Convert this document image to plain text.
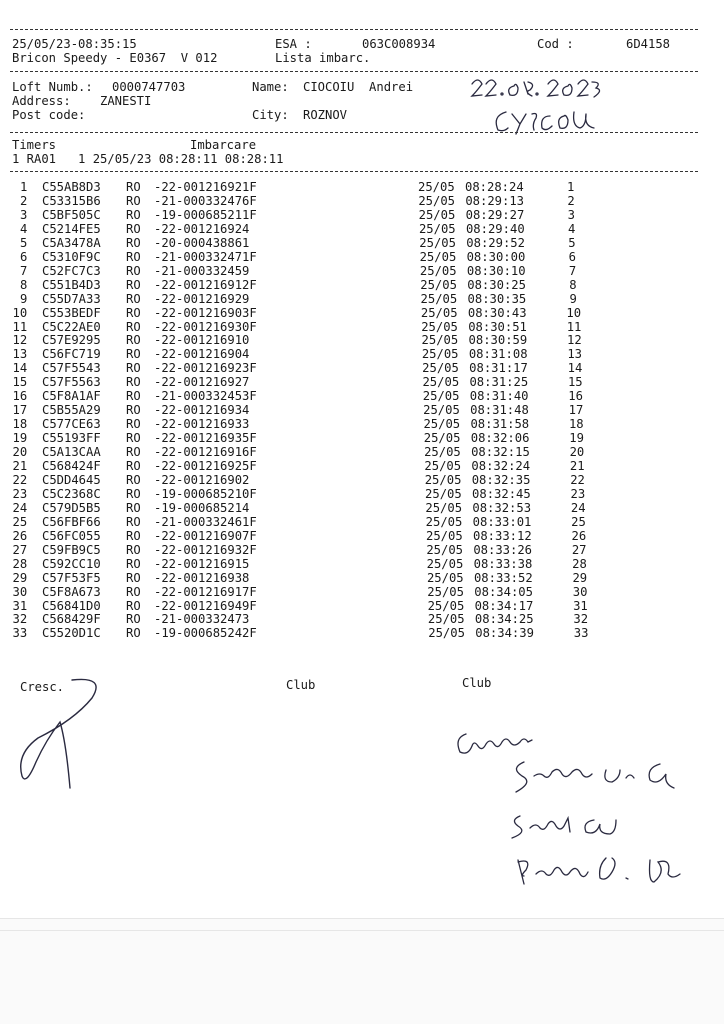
25/05/23-08:35:15	ESA :	063C008934	Cod :	6D4158
Bricon Speedy - E0367  V 012	Lista imbarc.
Loft Numb.: 0000747703	Name: CIOCOIU  Andrei
Address: ZANESTI
Post code:	City: ROZNOV
Timers	Imbarcare
1 RA01   1 25/05/23 08:28:11 08:28:11
1 C55AB8D3 RO -22-001216921F	25/05 08:28:24	1
2 C53315B6 RO -21-000332476F	25/05 08:29:13	2
3 C5BF505C RO -19-000685211F	25/05 08:29:27	3
4 C5214FE5 RO -22-001216924	25/05 08:29:40	4
5 C5A3478A RO -20-000438861	25/05 08:29:52	5
6 C5310F9C RO -21-000332471F	25/05 08:30:00	6
7 C52FC7C3 RO -21-000332459	25/05 08:30:10	7
8 C551B4D3 RO -22-001216912F	25/05 08:30:25	8
9 C55D7A33 RO -22-001216929	25/05 08:30:35	9
10 C553BEDF RO -22-001216903F	25/05 08:30:43	10
11 C5C22AE0 RO -22-001216930F	25/05 08:30:51	11
12 C57E9295 RO -22-001216910	25/05 08:30:59	12
13 C56FC719 RO -22-001216904	25/05 08:31:08	13
14 C57F5543 RO -22-001216923F	25/05 08:31:17	14
15 C57F5563 RO -22-001216927	25/05 08:31:25	15
16 C5F8A1AF RO -21-000332453F	25/05 08:31:40	16
17 C5B55A29 RO -22-001216934	25/05 08:31:48	17
18 C577CE63 RO -22-001216933	25/05 08:31:58	18
19 C55193FF RO -22-001216935F	25/05 08:32:06	19
20 C5A13CAA RO -22-001216916F	25/05 08:32:15	20
21 C568424F RO -22-001216925F	25/05 08:32:24	21
22 C5DD4645 RO -22-001216902	25/05 08:32:35	22
23 C5C2368C RO -19-000685210F	25/05 08:32:45	23
24 C579D5B5 RO -19-000685214	25/05 08:32:53	24
25 C56FBF66 RO -21-000332461F	25/05 08:33:01	25
26 C56FC055 RO -22-001216907F	25/05 08:33:12	26
27 C59FB9C5 RO -22-001216932F	25/05 08:33:26	27
28 C592CC10 RO -22-001216915	25/05 08:33:38	28
29 C57F53F5 RO -22-001216938	25/05 08:33:52	29
30 C5F8A673 RO -22-001216917F	25/05 08:34:05	30
31 C56841D0 RO -22-001216949F	25/05 08:34:17	31
32 C568429F RO -21-000332473	25/05 08:34:25	32
33 C5520D1C RO -19-000685242F	25/05 08:34:39	33
Cresc.	Club	Club
